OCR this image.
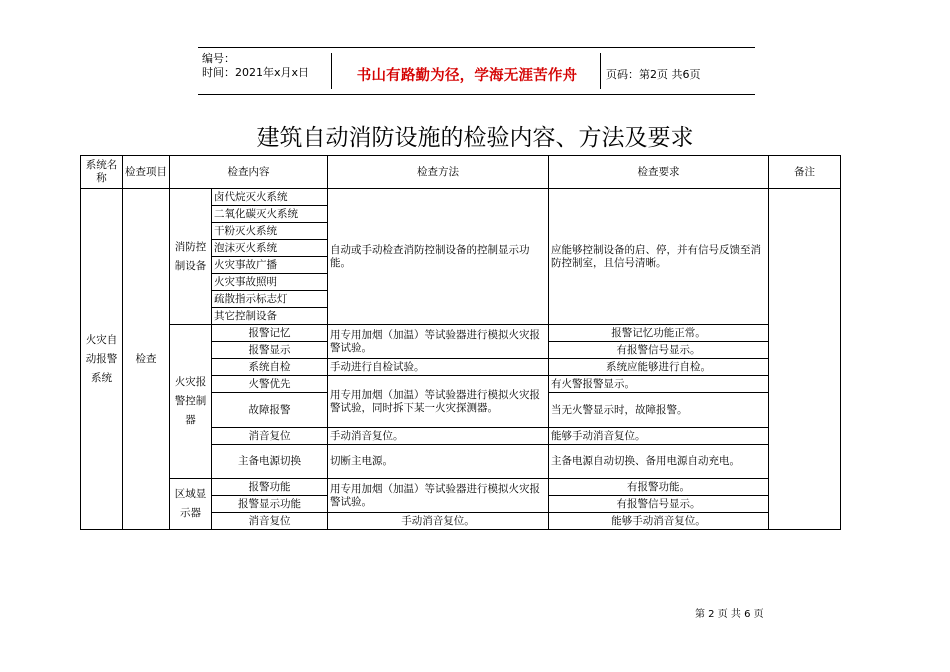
编号：
时间：2021年x月x日	书山有路勤为径，学海无涯苦作舟	页码：第2页 共6页
建筑自动消防设施的检验内容、方法及要求
系统名称	检查项目	检查内容		检查方法	检查要求	备注
火灾自动报警系统	检查	消防控制设备	卤代烷灭火系统	自动或手动检查消防控制设备的控制显示功能。	应能够控制设备的启、停，并有信号反馈至消防控制室，且信号清晰。	
			二氧化碳灭火系统			
			干粉灭火系统			
			泡沫灭火系统			
			火灾事故广播			
			火灾事故照明			
			疏散指示标志灯			
			其它控制设备			
		火灾报警控制器	报警记忆	用专用加烟（加温）等试验器进行模拟火灾报警试验。	报警记忆功能正常。	
			报警显示		有报警信号显示。	
			系统自检	手动进行自检试验。	系统应能够进行自检。	
			火警优先	用专用加烟（加温）等试验器进行模拟火灾报警试验，同时拆下某一火灾探测器。	有火警报警显示。	
			故障报警		当无火警显示时，故障报警。	
			消音复位	手动消音复位。	能够手动消音复位。	
			主备电源切换	切断主电源。	主备电源自动切换、备用电源自动充电。	
		区域显示器	报警功能	用专用加烟（加温）等试验器进行模拟火灾报警试验。	有报警功能。	
			报警显示功能		有报警信号显示。	
			消音复位	手动消音复位。	能够手动消音复位。	
第 2 页 共 6 页
